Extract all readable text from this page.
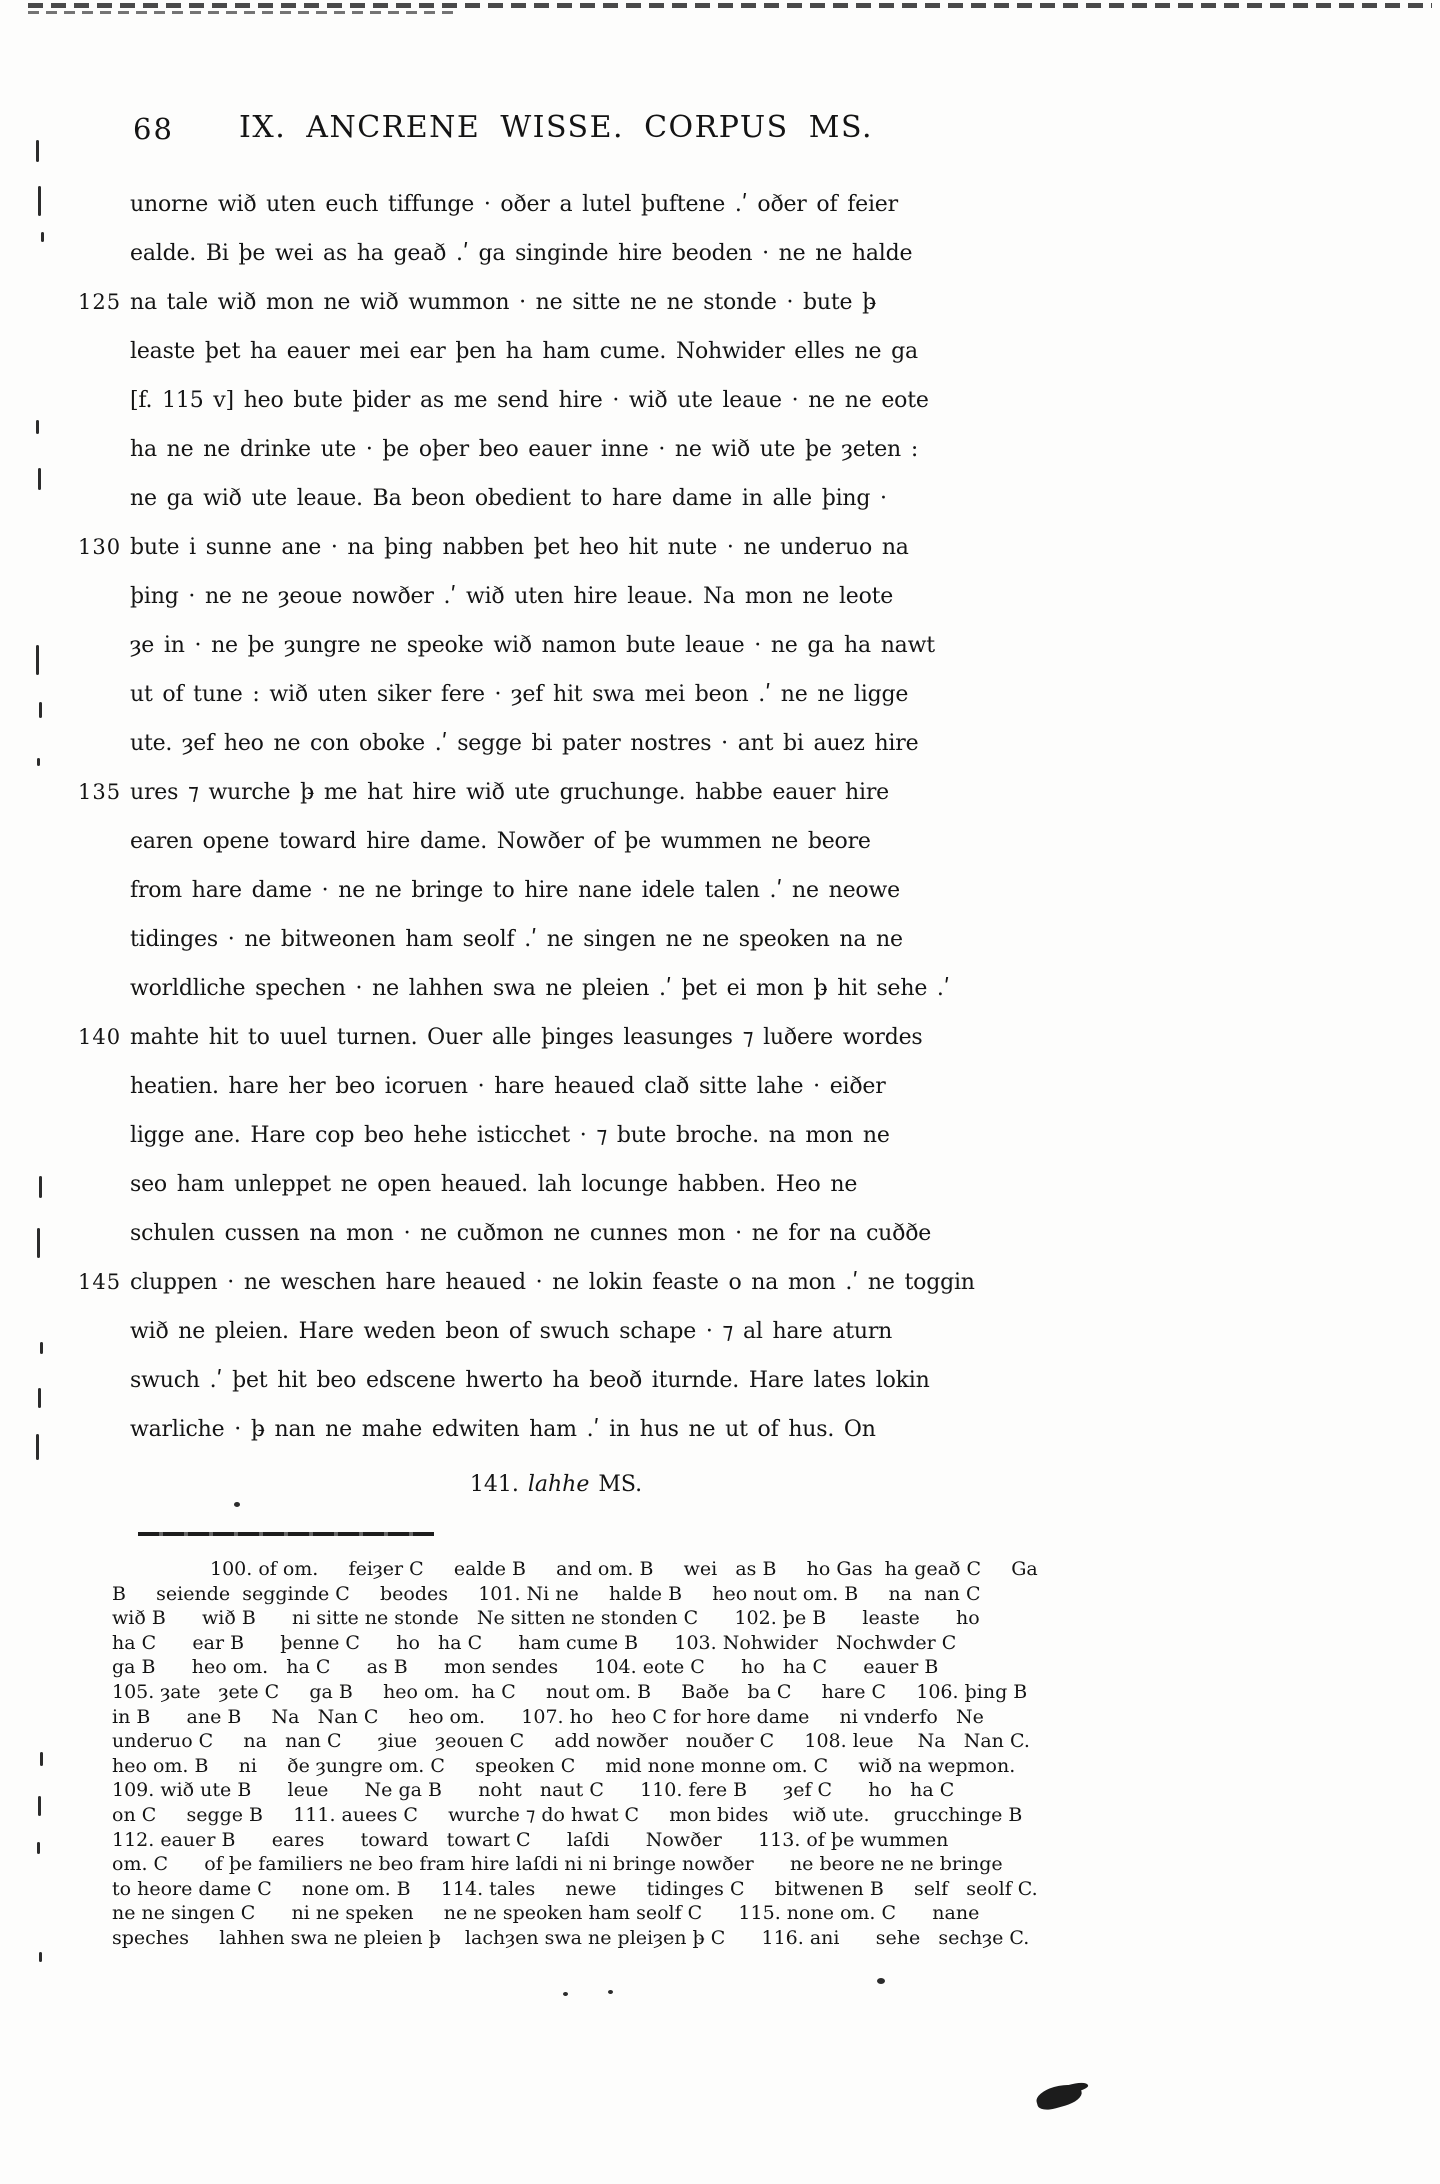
68 IX. ANCRENE WISSE. CORPUS MS.
unorne wið uten euch tiffunge · oðer a lutel þuftene .ʹ oðer of feier
ealde. Bi þe wei as ha geað .ʹ ga singinde hire beoden · ne ne halde
125 na tale wið mon ne wið wummon · ne sitte ne ne stonde · bute þ̵
leaste þet ha eauer mei ear þen ha ham cume. Nohwider elles ne ga
[f. 115 v] heo bute þider as me send hire · wið ute leaue · ne ne eote
ha ne ne drinke ute · þe oþer beo eauer inne · ne wið ute þe ȝeten :
ne ga wið ute leaue. Ba beon obedient to hare dame in alle þing ·
130 bute i sunne ane · na þing nabben þet heo hit nute · ne underuo na
þing · ne ne ȝeoue nowðer .ʹ wið uten hire leaue. Na mon ne leote
ȝe in · ne þe ȝungre ne speoke wið namon bute leaue · ne ga ha nawt
ut of tune : wið uten siker fere · ȝef hit swa mei beon .ʹ ne ne ligge
ute. ȝef heo ne con oboke .ʹ segge bi pater nostres · ant bi auez hire
135 ures ⁊ wurche þ̵ me hat hire wið ute gruchunge. habbe eauer hire
earen opene toward hire dame. Nowðer of þe wummen ne beore
from hare dame · ne ne bringe to hire nane idele talen .ʹ ne neowe
tidinges · ne bitweonen ham seolf .ʹ ne singen ne ne speoken na ne
worldliche spechen · ne lahhen swa ne pleien .ʹ þet ei mon þ̵ hit sehe .ʹ
140 mahte hit to uuel turnen. Ouer alle þinges leasunges ⁊ luðere wordes
heatien. hare her beo icoruen · hare heaued clað sitte lahe · eiðer
ligge ane. Hare cop beo hehe isticchet · ⁊ bute broche. na mon ne
seo ham unleppet ne open heaued. lah locunge habben. Heo ne
schulen cussen na mon · ne cuðmon ne cunnes mon · ne for na cuððe
145 cluppen · ne weschen hare heaued · ne lokin feaste o na mon .ʹ ne toggin
wið ne pleien. Hare weden beon of swuch schape · ⁊ al hare aturn
swuch .ʹ þet hit beo edscene hwerto ha beoð iturnde. Hare lates lokin
warliche · þ̵ nan ne mahe edwiten ham .ʹ in hus ne ut of hus. On
141. lahhe MS.
100. of om.     feiȝer C     ealde B     and om. B     wei   as B     ho Gas  ha geað C     Ga
B     seiende  segginde C     beodes     101. Ni ne     halde B     heo nout om. B     na  nan C
wið B      wið B      ni sitte ne stonde   Ne sitten ne stonden C      102. þe B      leaste      ho
ha C      ear B      þenne C      ho   ha C      ham cume B      103. Nohwider   Nochwder C
ga B      heo om.   ha C      as B      mon sendes      104. eote C      ho   ha C      eauer B
105. ȝate   ȝete C     ga B     heo om.  ha C     nout om. B     Baðe   ba C     hare C     106. þing B
in B      ane B     Na   Nan C     heo om.      107. ho   heo C for hore dame     ni vnderfo   Ne
underuo C     na   nan C      ȝiue   ȝeouen C     add nowðer   nouðer C     108. leue    Na   Nan C.
heo om. B     ni     ðe ȝungre om. C     speoken C     mid none monne om. C     wið na wepmon.
109. wið ute B      leue      Ne ga B      noht   naut C      110. fere B      ȝef C      ho   ha C
on C     segge B     111. auees C     wurche ⁊ do hwat C     mon bides    wið ute.    grucchinge B
112. eauer B      eares      toward   towart C      laſdi      Nowðer      113. of þe wummen
om. C      of þe familiers ne beo fram hire laſdi ni ni bringe nowðer      ne beore ne ne bringe
to heore dame C     none om. B     114. tales     newe     tidinges C     bitwenen B     self   seolf C.
ne ne singen C      ni ne speken     ne ne speoken ham seolf C      115. none om. C      nane
speches     lahhen swa ne pleien þ̵    lachȝen swa ne pleiȝen þ̵ C      116. ani      sehe   sechȝe C.
